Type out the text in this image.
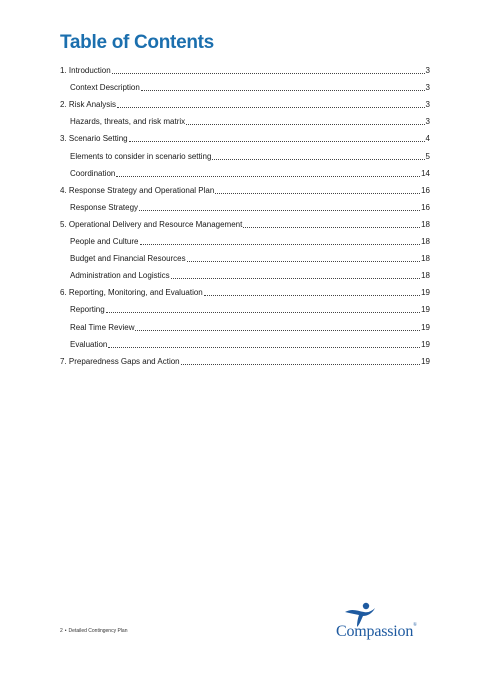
Table of Contents
1. Introduction	3
Context Description	3
2. Risk Analysis	3
Hazards, threats, and risk matrix	3
3. Scenario Setting	4
Elements to consider in scenario setting	5
Coordination	14
4. Response Strategy and Operational Plan	16
Response Strategy	16
5. Operational Delivery and Resource Management	18
People and Culture	18
Budget and Financial Resources	18
Administration and Logistics	18
6. Reporting, Monitoring, and Evaluation	19
Reporting	19
Real Time Review	19
Evaluation	19
7. Preparedness Gaps and Action	19
2 • Detailed Contingency Plan	Compassion®
